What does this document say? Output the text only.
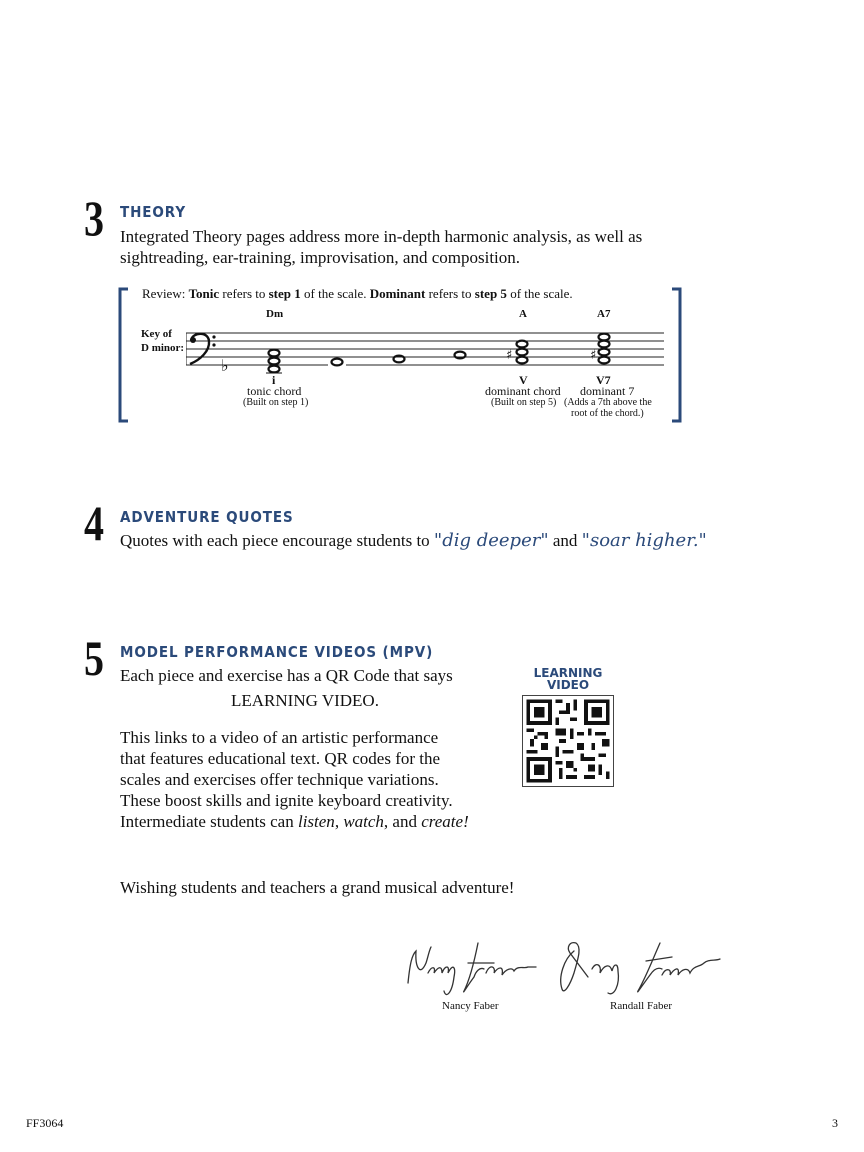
3 THEORY
Integrated Theory pages address more in-depth harmonic analysis, as well as
sightreading, ear-training, improvisation, and composition.
Review: Tonic refers to step 1 of the scale. Dominant refers to step 5 of the scale.
Dm	A	A7
Key of
D minor:
♭
♯	♯
i	V	V7
tonic chord
(Built on step 1)
dominant chord
(Built on step 5)
dominant 7
(Adds a 7th above the
root of the chord.)
4 ADVENTURE QUOTES
Quotes with each piece encourage students to "dig deeper" and "soar higher."
5 MODEL PERFORMANCE VIDEOS (MPV)
Each piece and exercise has a QR Code that says
LEARNING VIDEO.
This links to a video of an artistic performance
that features educational text. QR codes for the
scales and exercises offer technique variations.
These boost skills and ignite keyboard creativity.
Intermediate students can listen, watch, and create!
LEARNING
VIDEO
Wishing students and teachers a grand musical adventure!
Nancy Faber	Randall Faber
FF3064	3
